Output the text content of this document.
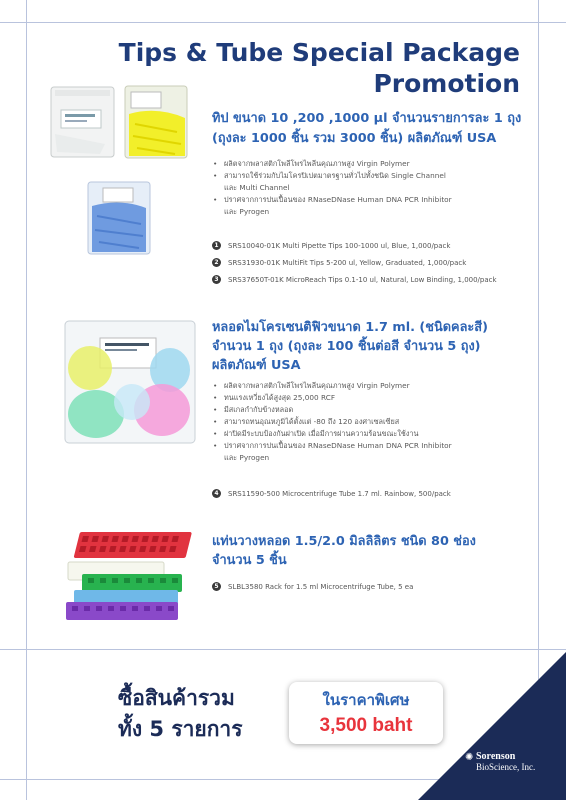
Tips & Tube Special Package
Promotion
ทิป ขนาด 10 ,200 ,1000 µl จำนวนรายการละ 1 ถุง
(ถุงละ 1000 ชิ้น รวม 3000 ชิ้น) ผลิตภัณฑ์ USA
• ผลิตจากพลาสติกโพลีโพรไพลีนคุณภาพสูง Virgin Polymer
• สามารถใช้ร่วมกับไมโครปิเปตมาตรฐานทั่วไปทั้งชนิด Single Channel
และ Multi Channel
• ปราศจากการปนเปื้อนของ RNaseDNase Human DNA PCR Inhibitor
และ Pyrogen
1 SRS10040-01K Multi Pipette Tips 100-1000 ul, Blue, 1,000/pack
2 SRS31930-01K MultiFit Tips 5-200 ul, Yellow, Graduated, 1,000/pack
3 SRS37650T-01K MicroReach Tips 0.1-10 ul, Natural, Low Binding, 1,000/pack
หลอดไมโครเซนติฟิวขนาด 1.7 ml. (ชนิดคละสี)
จำนวน 1 ถุง (ถุงละ 100 ชิ้นต่อสี จำนวน 5 ถุง)
ผลิตภัณฑ์ USA
• ผลิตจากพลาสติกโพลีโพรไพลีนคุณภาพสูง Virgin Polymer
• ทนแรงเหวี่ยงได้สูงสุด 25,000 RCF
• มีสเกลกำกับข้างหลอด
• สามารถทนอุณหภูมิได้ตั้งแต่ -80 ถึง 120 องศาเซลเซียส
• ฝาปิดมีระบบป้องกันฝาเปิด เมื่อมีการผ่านความร้อนขณะใช้งาน
• ปราศจากการปนเปื้อนของ RNaseDNase Human DNA PCR Inhibitor
และ Pyrogen
4 SRS11590-500 Microcentrifuge Tube 1.7 ml. Rainbow, 500/pack
แท่นวางหลอด 1.5/2.0 มิลลิลิตร ชนิด 80 ช่อง
จำนวน 5 ชิ้น
5 SLBL3580 Rack for 1.5 ml Microcentrifuge Tube, 5 ea
ซื้อสินค้ารวม
ทั้ง 5 รายการ
ในราคาพิเศษ
3,500 baht
✺ Sorenson
BioScience, Inc.
